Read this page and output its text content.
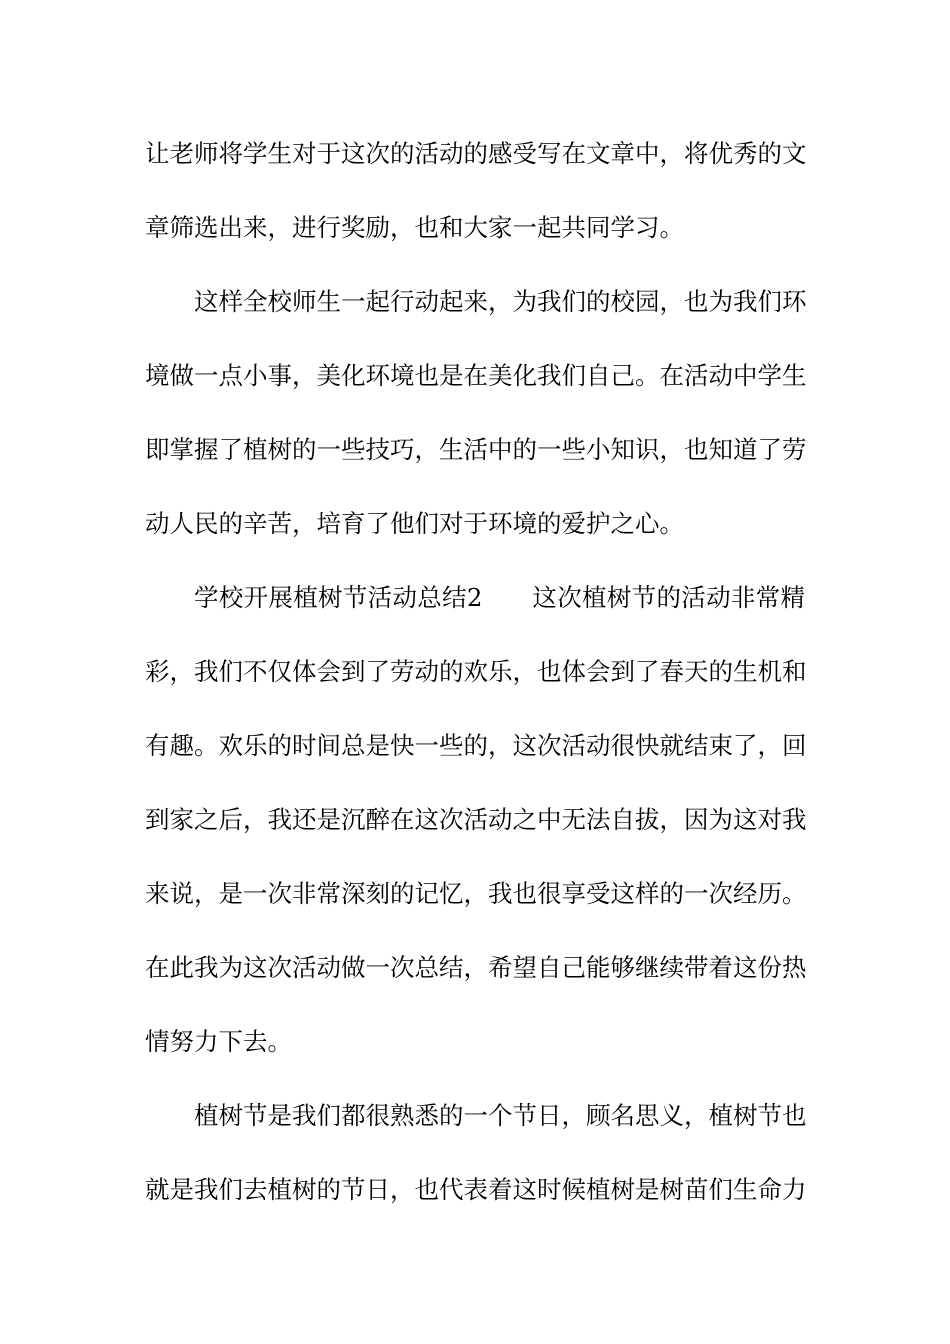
让老师将学生对于这次的活动的感受写在文章中，将优秀的文
章筛选出来，进行奖励，也和大家一起共同学习。
这样全校师生一起行动起来，为我们的校园，也为我们环
境做一点小事，美化环境也是在美化我们自己。在活动中学生
即掌握了植树的一些技巧，生活中的一些小知识，也知道了劳
动人民的辛苦，培育了他们对于环境的爱护之心。
学校开展植树节活动总结2　　这次植树节的活动非常精
彩，我们不仅体会到了劳动的欢乐，也体会到了春天的生机和
有趣。欢乐的时间总是快一些的，这次活动很快就结束了，回
到家之后，我还是沉醉在这次活动之中无法自拔，因为这对我
来说，是一次非常深刻的记忆，我也很享受这样的一次经历。
在此我为这次活动做一次总结，希望自己能够继续带着这份热
情努力下去。
植树节是我们都很熟悉的一个节日，顾名思义，植树节也
就是我们去植树的节日，也代表着这时候植树是树苗们生命力
